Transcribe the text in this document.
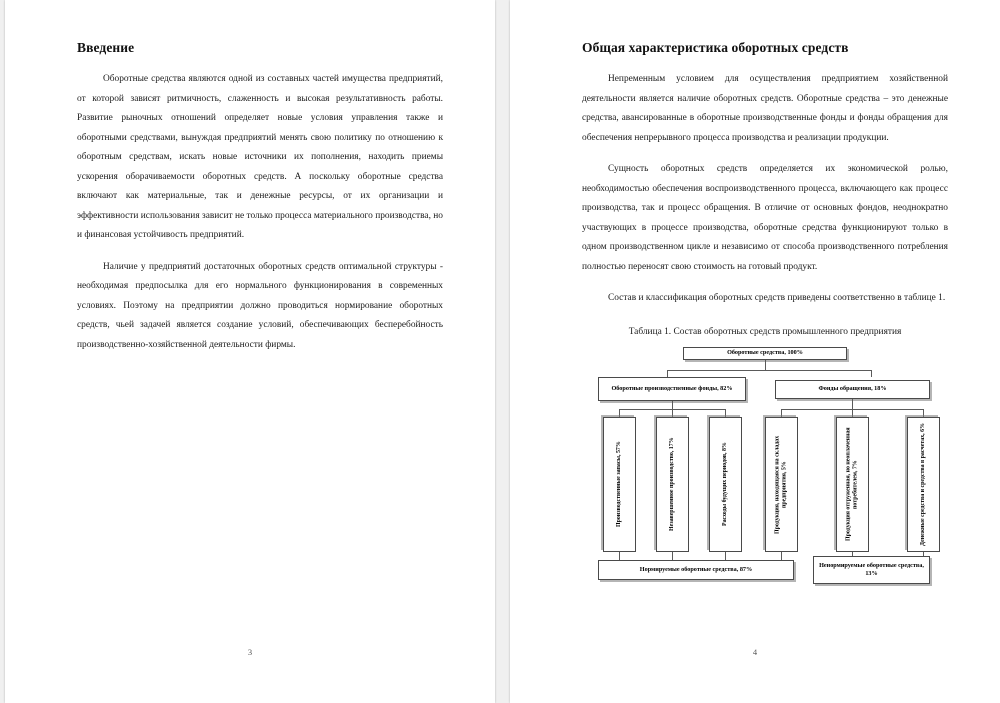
Введение

Оборотные средства являются одной из составных частей имущества предприятий, от которой зависят ритмичность, слаженность и высокая результативность работы. Развитие рыночных отношений определяет новые условия управления также и оборотными средствами, вынуждая предприятий менять свою политику по отношению к оборотным средствам, искать новые источники их пополнения, находить приемы ускорения оборачиваемости оборотных средств. А поскольку оборотные средства включают как материальные, так и денежные ресурсы, от их организации и эффективности использования зависит не только процесса материального производства, но и финансовая устойчивость предприятий.

Наличие у предприятий достаточных оборотных средств оптимальной структуры - необходимая предпосылка для его нормального функционирования в современных условиях. Поэтому на предприятии должно проводиться нормирование оборотных средств, чьей задачей является создание условий, обеспечивающих бесперебойность производственно-хозяйственной деятельности фирмы.

3
Общая характеристика оборотных средств

Непременным условием для осуществления предприятием хозяйственной деятельности является наличие оборотных средств. Оборотные средства – это денежные средства, авансированные в оборотные производственные фонды и фонды обращения для обеспечения непрерывного процесса производства и реализации продукции.

Сущность оборотных средств определяется их экономической ролью, необходимостью обеспечения воспроизводственного процесса, включающего как процесс производства, так и процесс обращения. В отличие от основных фондов, неоднократно участвующих в процессе производства, оборотные средства функционируют только в одном производственном цикле и независимо от способа производственного потребления полностью переносят свою стоимость на готовый продукт.

Состав и классификация оборотных средств приведены соответственно в таблице 1.

Таблица 1. Состав оборотных средств промышленного предприятия
Оборотные средства, 100%
Оборотные производственные фонды, 82%	Фонды обращения, 18%
Производственные запасы, 57%	Незавершенное производство, 17%	Расходы будущих периодов, 8%	Продукция, находящаяся на складах предприятия, 5%	Продукция отгруженная, но неоплаченная потребителем, 7%	Денежные средства и средства в расчетах, 6%
Нормируемые оборотные средства, 87%
Ненормируемые оборотные средства, 13%
4
